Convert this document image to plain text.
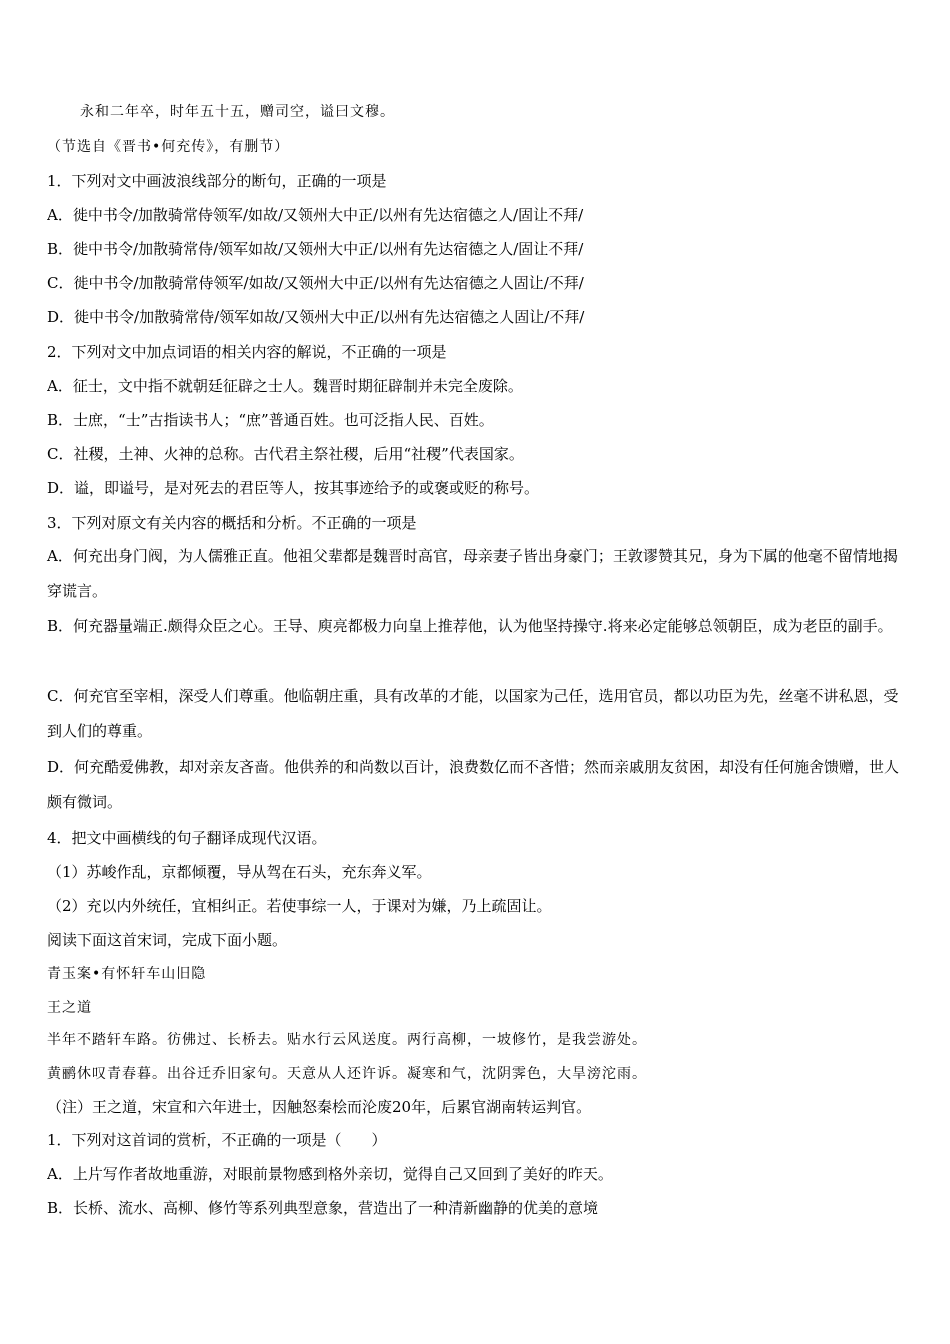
永和二年卒，时年五十五，赠司空，谥曰文穆。
（节选自《晋书•何充传》，有删节）
1．下列对文中画波浪线部分的断句，正确的一项是
A．徙中书令/加散骑常侍领军/如故/又领州大中正/以州有先达宿德之人/固让不拜/
B．徙中书令/加散骑常侍/领军如故/又领州大中正/以州有先达宿德之人/固让不拜/
C．徙中书令/加散骑常侍领军/如故/又领州大中正/以州有先达宿德之人固让/不拜/
D．徙中书令/加散骑常侍/领军如故/又领州大中正/以州有先达宿德之人固让/不拜/
2．下列对文中加点词语的相关内容的解说，不正确的一项是
A．征士，文中指不就朝廷征辟之士人。魏晋时期征辟制并未完全废除。
B．士庶，“士”古指读书人；“庶”普通百姓。也可泛指人民、百姓。
C．社稷，土神、火神的总称。古代君主祭社稷，后用“社稷”代表国家。
D．谥，即谥号，是对死去的君臣等人，按其事迹给予的或褒或贬的称号。
3．下列对原文有关内容的概括和分析。不正确的一项是
A．何充出身门阀，为人儒雅正直。他祖父辈都是魏晋时高官，母亲妻子皆出身豪门；王敦谬赞其兄，身为下属的他毫不留情地揭穿谎言。
B．何充器量端正.颇得众臣之心。王导、庾亮都极力向皇上推荐他，认为他坚持操守.将来必定能够总领朝臣，成为老臣的副手。
C．何充官至宰相，深受人们尊重。他临朝庄重，具有改革的才能，以国家为己任，选用官员，都以功臣为先，丝毫不讲私恩，受到人们的尊重。
D．何充酷爱佛教，却对亲友吝啬。他供养的和尚数以百计，浪费数亿而不吝惜；然而亲戚朋友贫困，却没有任何施舍馈赠，世人颇有微词。
4．把文中画横线的句子翻译成现代汉语。
（1）苏峻作乱，京都倾覆，导从驾在石头，充东奔义军。
（2）充以内外统任，宜相纠正。若使事综一人，于课对为嫌，乃上疏固让。
阅读下面这首宋词，完成下面小题。
青玉案•有怀轩车山旧隐
王之道
半年不踏轩车路。彷佛过、长桥去。贴水行云风送度。两行高柳，一坡修竹，是我尝游处。
黄鹂休叹青春暮。出谷迁乔旧家句。天意从人还许诉。凝寒和气，沈阴霁色，大旱滂沱雨。
（注）王之道，宋宣和六年进士，因触怒秦桧而沦废20年，后累官湖南转运判官。
1．下列对这首词的赏析，不正确的一项是（　　）
A．上片写作者故地重游，对眼前景物感到格外亲切，觉得自己又回到了美好的昨天。
B．长桥、流水、高柳、修竹等系列典型意象，营造出了一种清新幽静的优美的意境
